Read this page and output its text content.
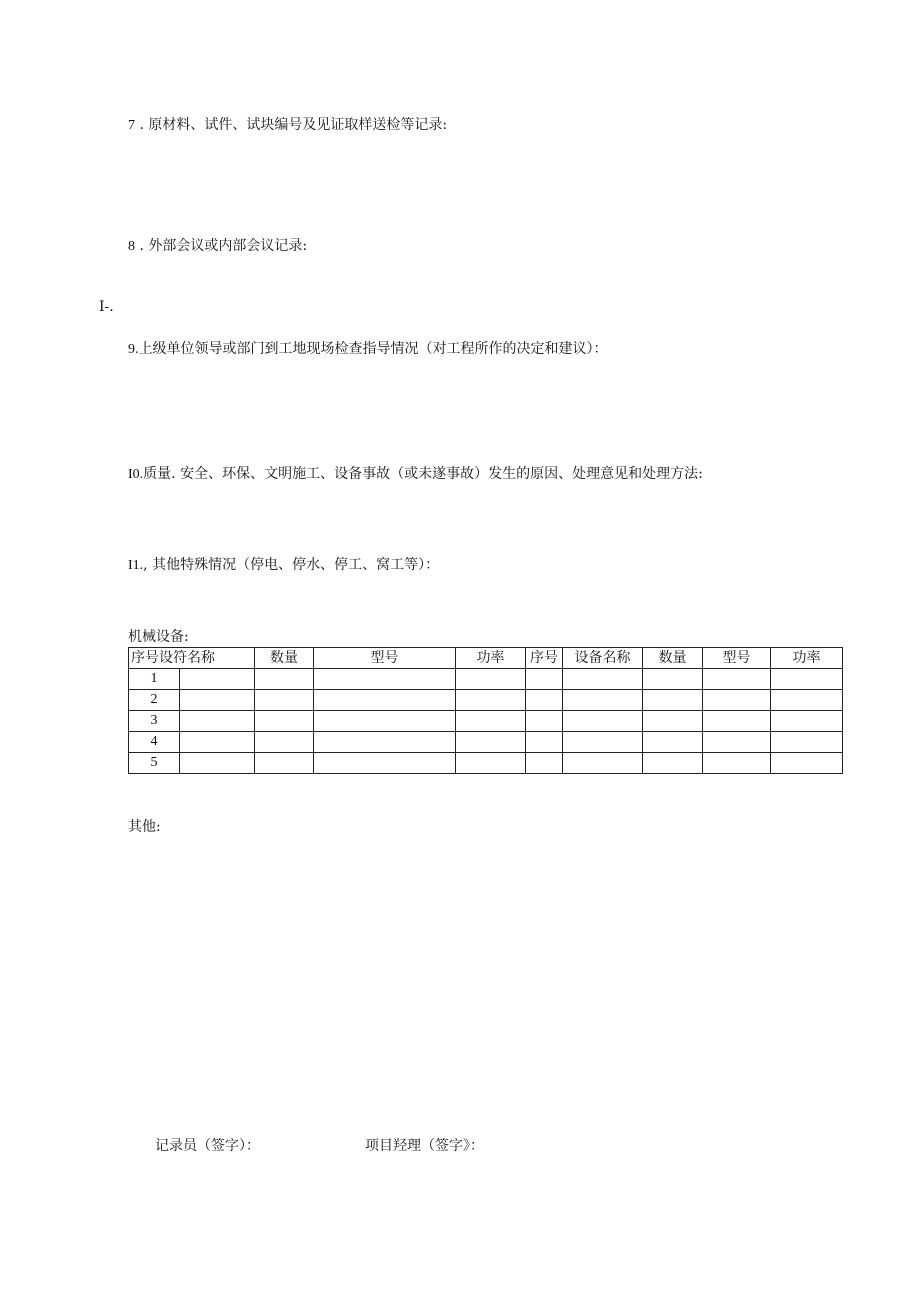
7 . 原材料、试件、试块编号及见证取样送检等记录:
8 . 外部会议或内部会议记录:
I-.
9.上级单位领导或部门到工地现场检查指导情况（对工程所作的决定和建议）：
I0.质量. 安全、环保、文明施工、设备事故（或未遂事故）发生的原因、处理意见和处理方法:
I1., 其他特殊情况（停电、停水、停工、窝工等）：
机械设备:
序号设符名称		数量	型号	功率	序号	设备名称	数量	型号	功率
1									
2									
3									
4									
5									
其他:
记录员（签字）：	项目羟理（签字》：
